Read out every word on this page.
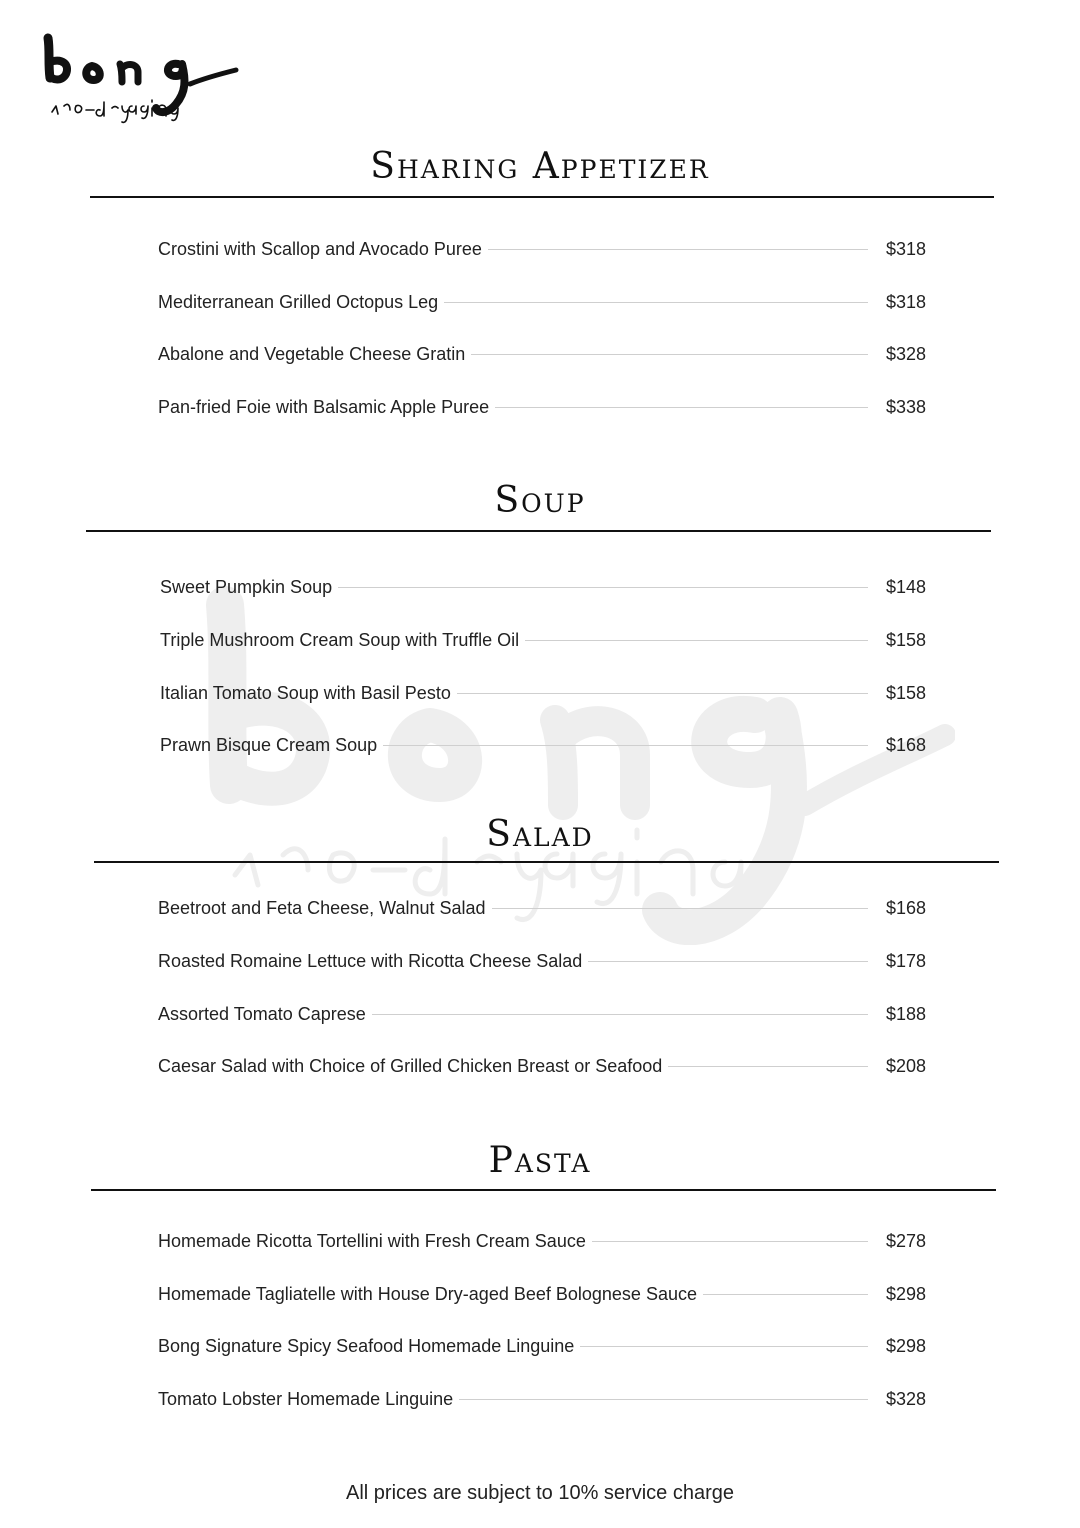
Sharing Appetizer
Crostini with Scallop and Avocado Puree	$318
Mediterranean Grilled Octopus Leg	$318
Abalone and Vegetable Cheese Gratin	$328
Pan-fried Foie with Balsamic Apple Puree	$338
Soup
Sweet Pumpkin Soup	$148
Triple Mushroom Cream Soup with Truffle Oil	$158
Italian Tomato Soup with Basil Pesto	$158
Prawn Bisque Cream Soup	$168
Salad
Beetroot and Feta Cheese, Walnut Salad	$168
Roasted Romaine Lettuce with Ricotta Cheese Salad	$178
Assorted Tomato Caprese	$188
Caesar Salad with Choice of Grilled Chicken Breast or Seafood	$208
Pasta
Homemade Ricotta Tortellini with Fresh Cream Sauce	$278
Homemade Tagliatelle with House Dry-aged Beef Bolognese Sauce	$298
Bong Signature Spicy Seafood Homemade Linguine	$298
Tomato Lobster Homemade Linguine	$328
All prices are subject to 10% service charge
